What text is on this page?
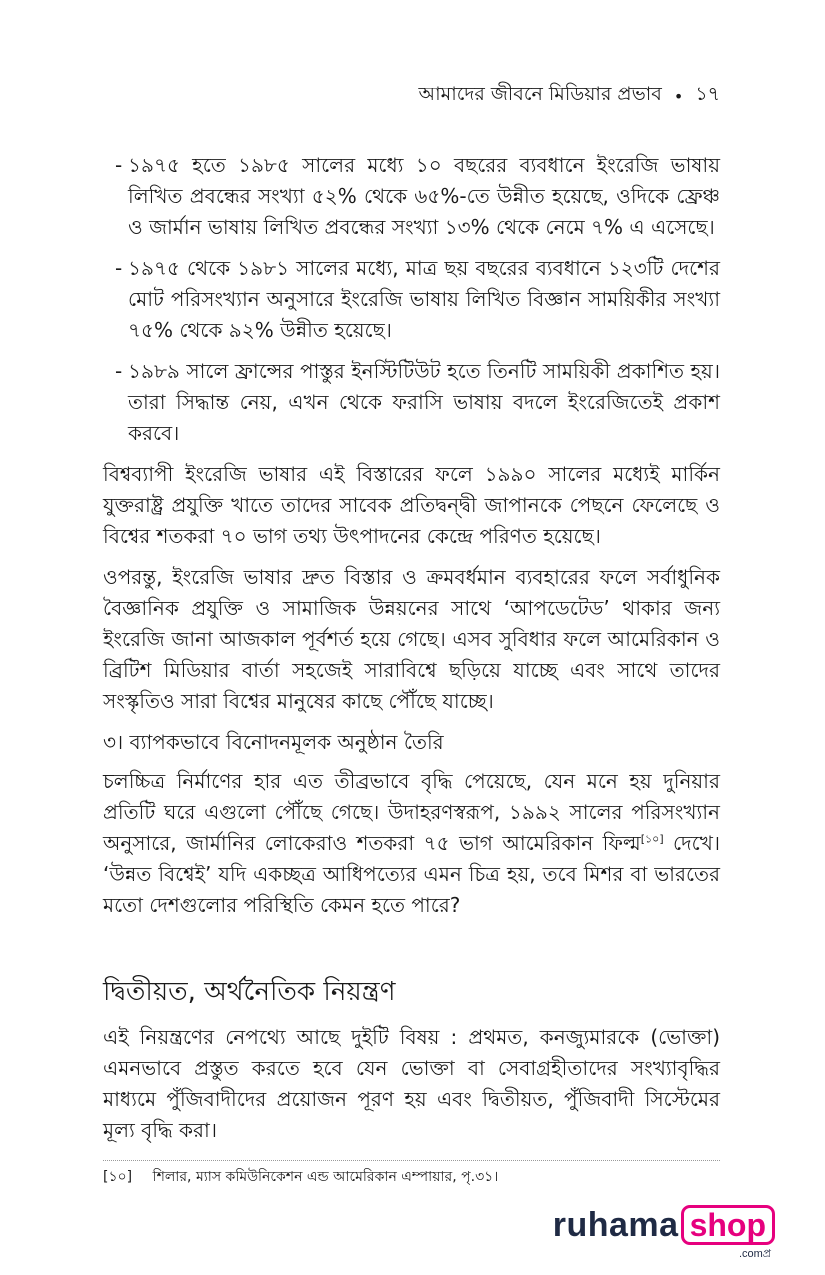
আমাদের জীবনে মিডিয়ার প্রভাব • ১৭
- ১৯৭৫ হতে ১৯৮৫ সালের মধ্যে ১০ বছরের ব্যবধানে ইংরেজি ভাষায় লিখিত প্রবন্ধের সংখ্যা ৫২% থেকে ৬৫%-তে উন্নীত হয়েছে, ওদিকে ফ্রেঞ্চ ও জার্মান ভাষায় লিখিত প্রবন্ধের সংখ্যা ১৩% থেকে নেমে ৭% এ এসেছে।
- ১৯৭৫ থেকে ১৯৮১ সালের মধ্যে, মাত্র ছয় বছরের ব্যবধানে ১২৩টি দেশের মোট পরিসংখ্যান অনুসারে ইংরেজি ভাষায় লিখিত বিজ্ঞান সাময়িকীর সংখ্যা ৭৫% থেকে ৯২% উন্নীত হয়েছে।
- ১৯৮৯ সালে ফ্রান্সের পাস্তুর ইনস্টিটিউট হতে তিনটি সাময়িকী প্রকাশিত হয়। তারা সিদ্ধান্ত নেয়, এখন থেকে ফরাসি ভাষায় বদলে ইংরেজিতেই প্রকাশ করবে।

বিশ্বব্যাপী ইংরেজি ভাষার এই বিস্তারের ফলে ১৯৯০ সালের মধ্যেই মার্কিন যুক্তরাষ্ট্র প্রযুক্তি খাতে তাদের সাবেক প্রতিদ্বন্দ্বী জাপানকে পেছনে ফেলেছে ও বিশ্বের শতকরা ৭০ ভাগ তথ্য উৎপাদনের কেন্দ্রে পরিণত হয়েছে।

ওপরন্তু, ইংরেজি ভাষার দ্রুত বিস্তার ও ক্রমবর্ধমান ব্যবহারের ফলে সর্বাধুনিক বৈজ্ঞানিক প্রযুক্তি ও সামাজিক উন্নয়নের সাথে ‘আপডেটেড’ থাকার জন্য ইংরেজি জানা আজকাল পূর্বশর্ত হয়ে গেছে। এসব সুবিধার ফলে আমেরিকান ও ব্রিটিশ মিডিয়ার বার্তা সহজেই সারাবিশ্বে ছড়িয়ে যাচ্ছে এবং সাথে তাদের সংস্কৃতিও সারা বিশ্বের মানুষের কাছে পৌঁছে যাচ্ছে।

৩। ব্যাপকভাবে বিনোদনমূলক অনুষ্ঠান তৈরি

চলচ্চিত্র নির্মাণের হার এত তীব্রভাবে বৃদ্ধি পেয়েছে, যেন মনে হয় দুনিয়ার প্রতিটি ঘরে এগুলো পৌঁছে গেছে। উদাহরণস্বরূপ, ১৯৯২ সালের পরিসংখ্যান অনুসারে, জার্মানির লোকেরাও শতকরা ৭৫ ভাগ আমেরিকান ফিল্ম[১০] দেখে। ‘উন্নত বিশ্বেই’ যদি একচ্ছত্র আধিপত্যের এমন চিত্র হয়, তবে মিশর বা ভারতের মতো দেশগুলোর পরিস্থিতি কেমন হতে পারে?

দ্বিতীয়ত, অর্থনৈতিক নিয়ন্ত্রণ

এই নিয়ন্ত্রণের নেপথ্যে আছে দুইটি বিষয় : প্রথমত, কনজ্যুমারকে (ভোক্তা) এমনভাবে প্রস্তুত করতে হবে যেন ভোক্তা বা সেবাগ্রহীতাদের সংখ্যাবৃদ্ধির মাধ্যমে পুঁজিবাদীদের প্রয়োজন পূরণ হয় এবং দ্বিতীয়ত, পুঁজিবাদী সিস্টেমের মূল্য বৃদ্ধি করা।

[১০] শিলার, ম্যাস কমিউনিকেশন এন্ড আমেরিকান এম্পায়ার, পৃ.৩১।
ruhama shop
.comপ্র
